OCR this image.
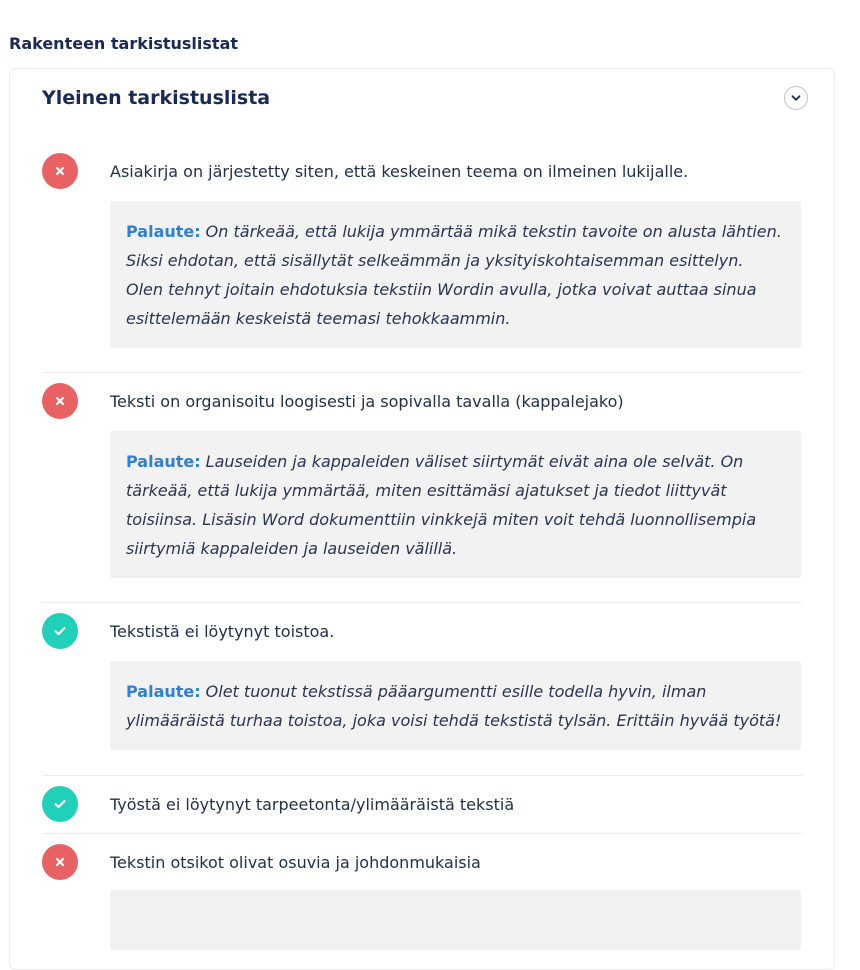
Rakenteen tarkistuslistat
Yleinen tarkistuslista
Asiakirja on järjestetty siten, että keskeinen teema on ilmeinen lukijalle.
Palaute: On tärkeää, että lukija ymmärtää mikä tekstin tavoite on alusta lähtien. Siksi ehdotan, että sisällytät selkeämmän ja yksityiskohtaisemman esittelyn. Olen tehnyt joitain ehdotuksia tekstiin Wordin avulla, jotka voivat auttaa sinua esittelemään keskeistä teemasi tehokkaammin.
Teksti on organisoitu loogisesti ja sopivalla tavalla (kappalejako)
Palaute: Lauseiden ja kappaleiden väliset siirtymät eivät aina ole selvät. On tärkeää, että lukija ymmärtää, miten esittämäsi ajatukset ja tiedot liittyvät toisiinsa. Lisäsin Word dokumenttiin vinkkejä miten voit tehdä luonnollisempia siirtymiä kappaleiden ja lauseiden välillä.
Tekstistä ei löytynyt toistoa.
Palaute: Olet tuonut tekstissä pääargumentti esille todella hyvin, ilman ylimääräistä turhaa toistoa, joka voisi tehdä tekstistä tylsän. Erittäin hyvää työtä!
Työstä ei löytynyt tarpeetonta/ylimääräistä tekstiä
Tekstin otsikot olivat osuvia ja johdonmukaisia
